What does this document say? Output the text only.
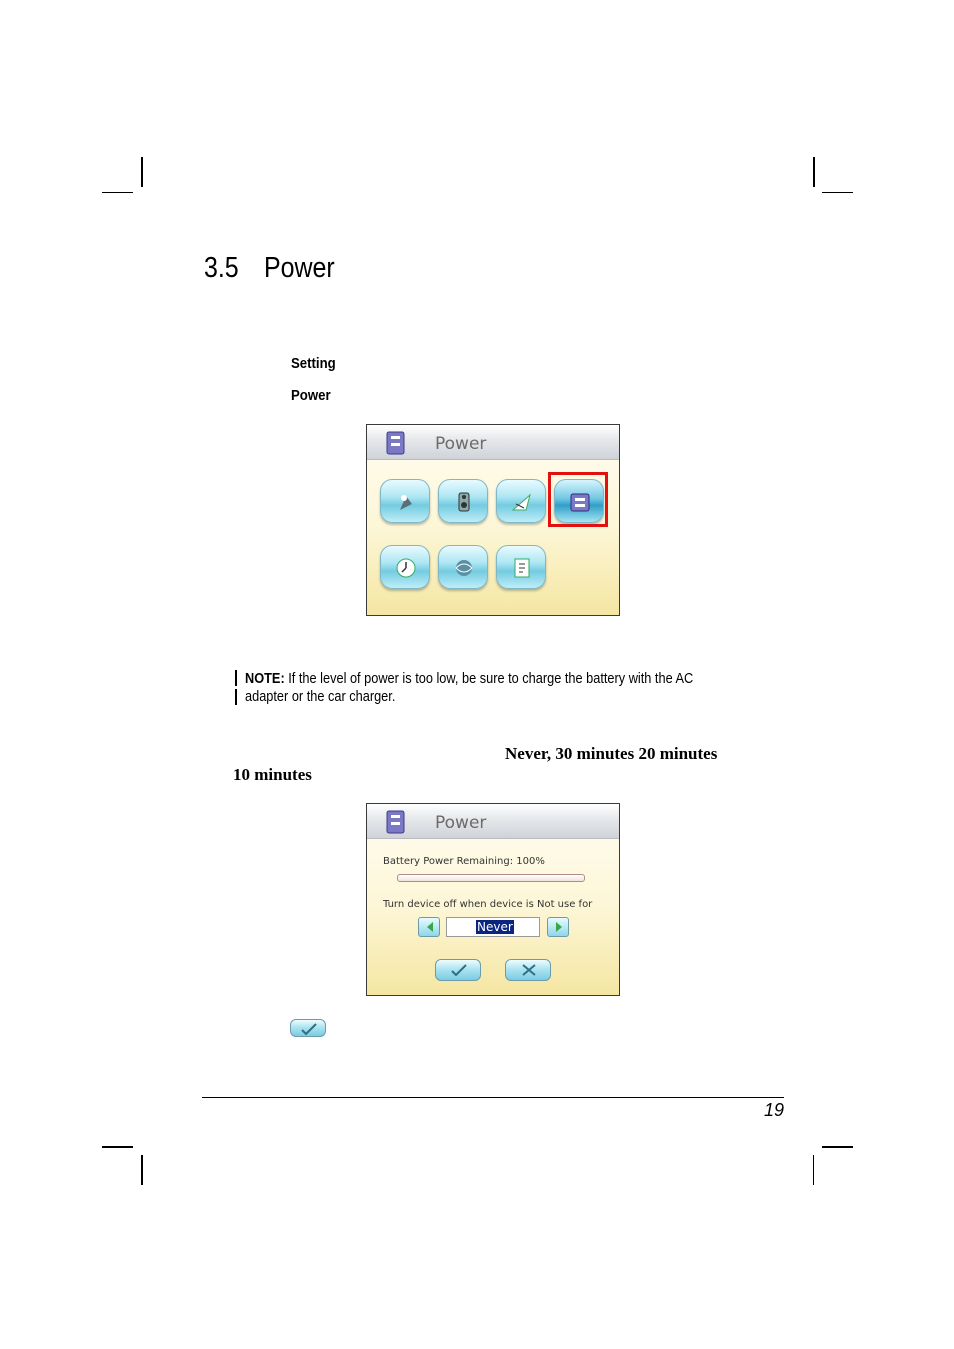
3.5 Power
Setting
Power
Power
NOTE: If the level of power is too low, be sure to charge the battery with the AC adapter or the car charger.
Never, 30 minutes 20 minutes
10 minutes
Power
Battery Power Remaining: 100%
Turn device off when device is Not use for
Never
19
